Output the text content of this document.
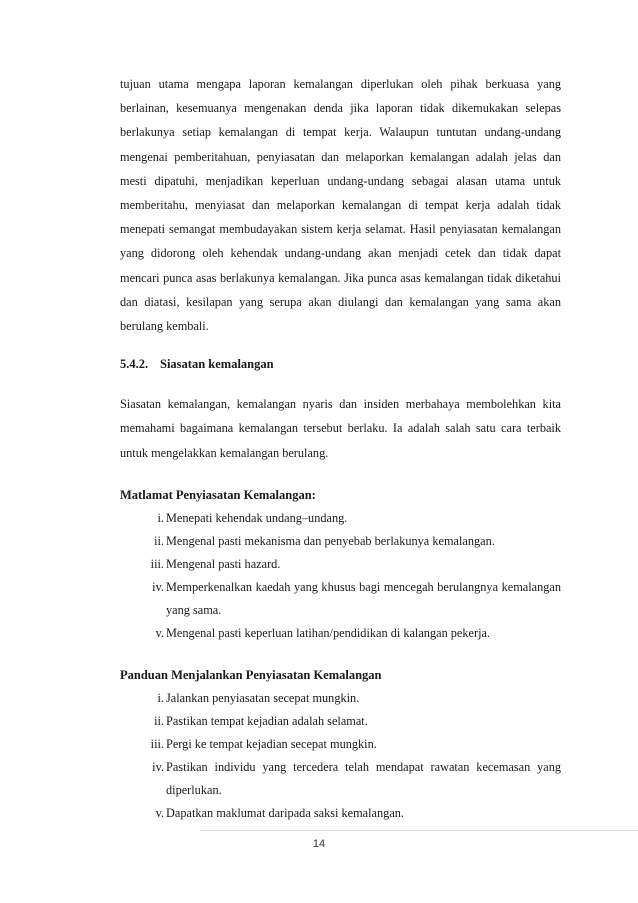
tujuan utama mengapa laporan kemalangan diperlukan oleh pihak berkuasa yang berlainan, kesemuanya mengenakan denda jika laporan tidak dikemukakan selepas berlakunya setiap kemalangan di tempat kerja. Walaupun tuntutan undang-undang mengenai pemberitahuan, penyiasatan dan melaporkan kemalangan adalah jelas dan mesti dipatuhi, menjadikan keperluan undang-undang sebagai alasan utama untuk memberitahu, menyiasat dan melaporkan kemalangan di tempat kerja adalah tidak menepati semangat membudayakan sistem kerja selamat. Hasil penyiasatan kemalangan yang didorong oleh kehendak undang-undang akan menjadi cetek dan tidak dapat mencari punca asas berlakunya kemalangan. Jika punca asas kemalangan tidak diketahui dan diatasi, kesilapan yang serupa akan diulangi dan kemalangan yang sama akan berulang kembali.

5.4.2. Siasatan kemalangan

Siasatan kemalangan, kemalangan nyaris dan insiden merbahaya membolehkan kita memahami bagaimana kemalangan tersebut berlaku. Ia adalah salah satu cara terbaik untuk mengelakkan kemalangan berulang.

Matlamat Penyiasatan Kemalangan:

i. Menepati kehendak undang–undang.
ii. Mengenal pasti mekanisma dan penyebab berlakunya kemalangan.
iii. Mengenal pasti hazard.
iv. Memperkenalkan kaedah yang khusus bagi mencegah berulangnya kemalangan yang sama.
v. Mengenal pasti keperluan latihan/pendidikan di kalangan pekerja.

Panduan Menjalankan Penyiasatan Kemalangan

i. Jalankan penyiasatan secepat mungkin.
ii. Pastikan tempat kejadian adalah selamat.
iii. Pergi ke tempat kejadian secepat mungkin.
iv. Pastikan individu yang tercedera telah mendapat rawatan kecemasan yang diperlukan.
v. Dapatkan maklumat daripada saksi kemalangan.
14
